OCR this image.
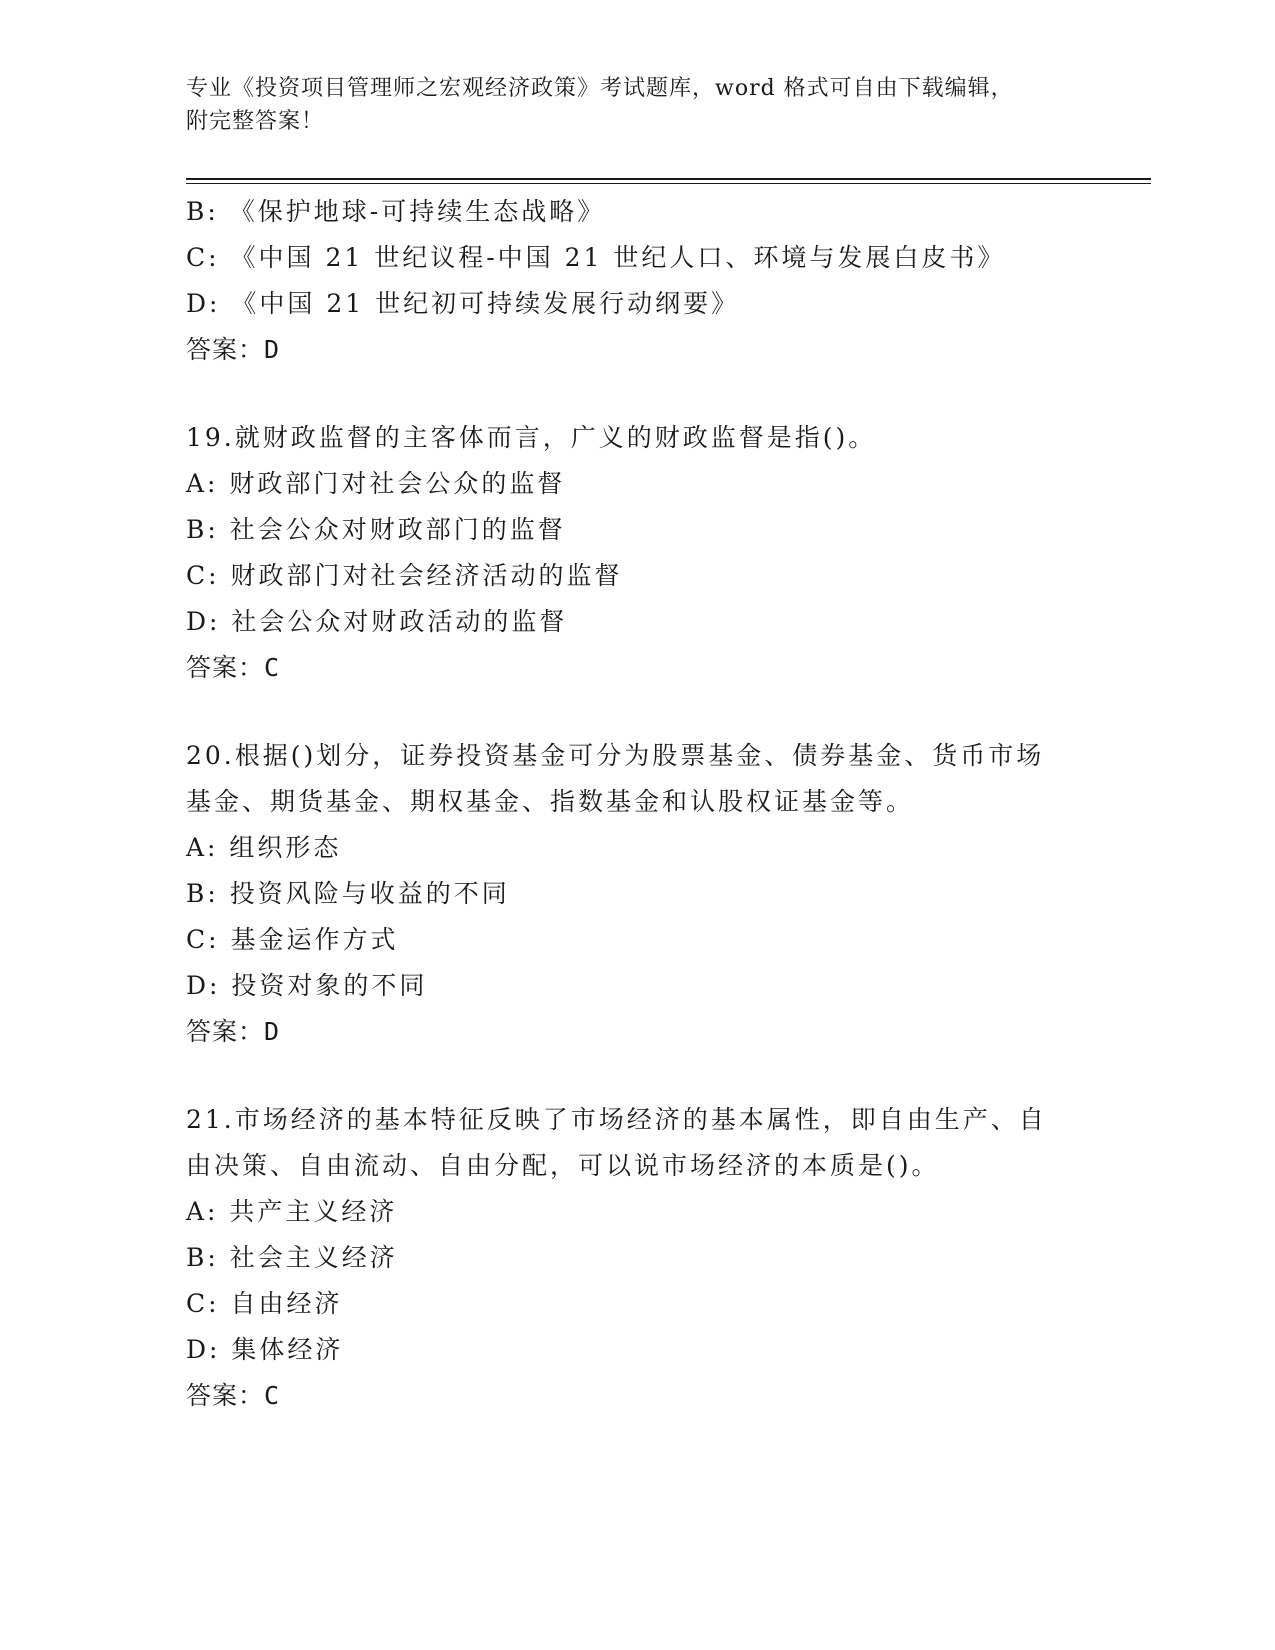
专业《投资项目管理师之宏观经济政策》考试题库，word 格式可自由下载编辑，
附完整答案！
B: 《保护地球-可持续生态战略》
C: 《中国 21 世纪议程-中国 21 世纪人口、环境与发展白皮书》
D: 《中国 21 世纪初可持续发展行动纲要》
答案：D
19.就财政监督的主客体而言，广义的财政监督是指()。
A: 财政部门对社会公众的监督
B: 社会公众对财政部门的监督
C: 财政部门对社会经济活动的监督
D: 社会公众对财政活动的监督
答案：C
20.根据()划分，证券投资基金可分为股票基金、债券基金、货币市场
基金、期货基金、期权基金、指数基金和认股权证基金等。
A: 组织形态
B: 投资风险与收益的不同
C: 基金运作方式
D: 投资对象的不同
答案：D
21.市场经济的基本特征反映了市场经济的基本属性，即自由生产、自
由决策、自由流动、自由分配，可以说市场经济的本质是()。
A: 共产主义经济
B: 社会主义经济
C: 自由经济
D: 集体经济
答案：C
